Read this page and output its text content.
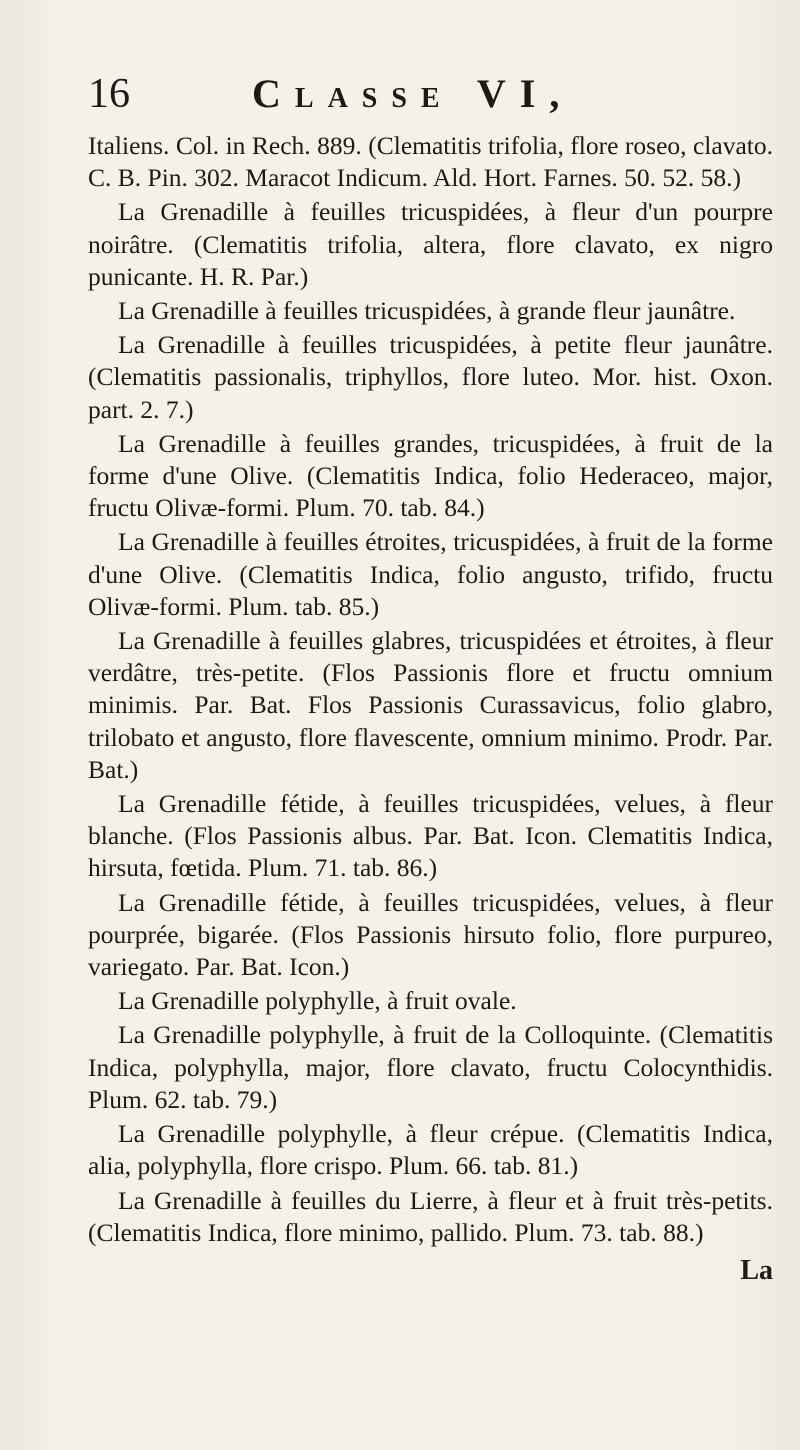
16	Classe VI,

Italiens. Col. in Rech. 889. (Clematitis trifolia, flore roseo, clavato. C. B. Pin. 302. Maracot Indicum. Ald. Hort. Farnes. 50. 52. 58.)

La Grenadille à feuilles tricuspidées, à fleur d'un pourpre noirâtre. (Clematitis trifolia, altera, flore clavato, ex nigro punicante. H. R. Par.)

La Grenadille à feuilles tricuspidées, à grande fleur jaunâtre.

La Grenadille à feuilles tricuspidées, à petite fleur jaunâtre. (Clematitis passionalis, triphyllos, flore luteo. Mor. hist. Oxon. part. 2. 7.)

La Grenadille à feuilles grandes, tricuspidées, à fruit de la forme d'une Olive. (Clematitis Indica, folio Hederaceo, major, fructu Olivæ-formi. Plum. 70. tab. 84.)

La Grenadille à feuilles étroites, tricuspidées, à fruit de la forme d'une Olive. (Clematitis Indica, folio angusto, trifido, fructu Olivæ-formi. Plum. tab. 85.)

La Grenadille à feuilles glabres, tricuspidées et étroites, à fleur verdâtre, très-petite. (Flos Passionis flore et fructu omnium minimis. Par. Bat. Flos Passionis Curassavicus, folio glabro, trilobato et angusto, flore flavescente, omnium minimo. Prodr. Par. Bat.)

La Grenadille fétide, à feuilles tricuspidées, velues, à fleur blanche. (Flos Passionis albus. Par. Bat. Icon. Clematitis Indica, hirsuta, fœtida. Plum. 71. tab. 86.)

La Grenadille fétide, à feuilles tricuspidées, velues, à fleur pourprée, bigarée. (Flos Passionis hirsuto folio, flore purpureo, variegato. Par. Bat. Icon.)

La Grenadille polyphylle, à fruit ovale.

La Grenadille polyphylle, à fruit de la Colloquinte. (Clematitis Indica, polyphylla, major, flore clavato, fructu Colocynthidis. Plum. 62. tab. 79.)

La Grenadille polyphylle, à fleur crépue. (Clematitis Indica, alia, polyphylla, flore crispo. Plum. 66. tab. 81.)

La Grenadille à feuilles du Lierre, à fleur et à fruit très-petits. (Clematitis Indica, flore minimo, pallido. Plum. 73. tab. 88.)

La
